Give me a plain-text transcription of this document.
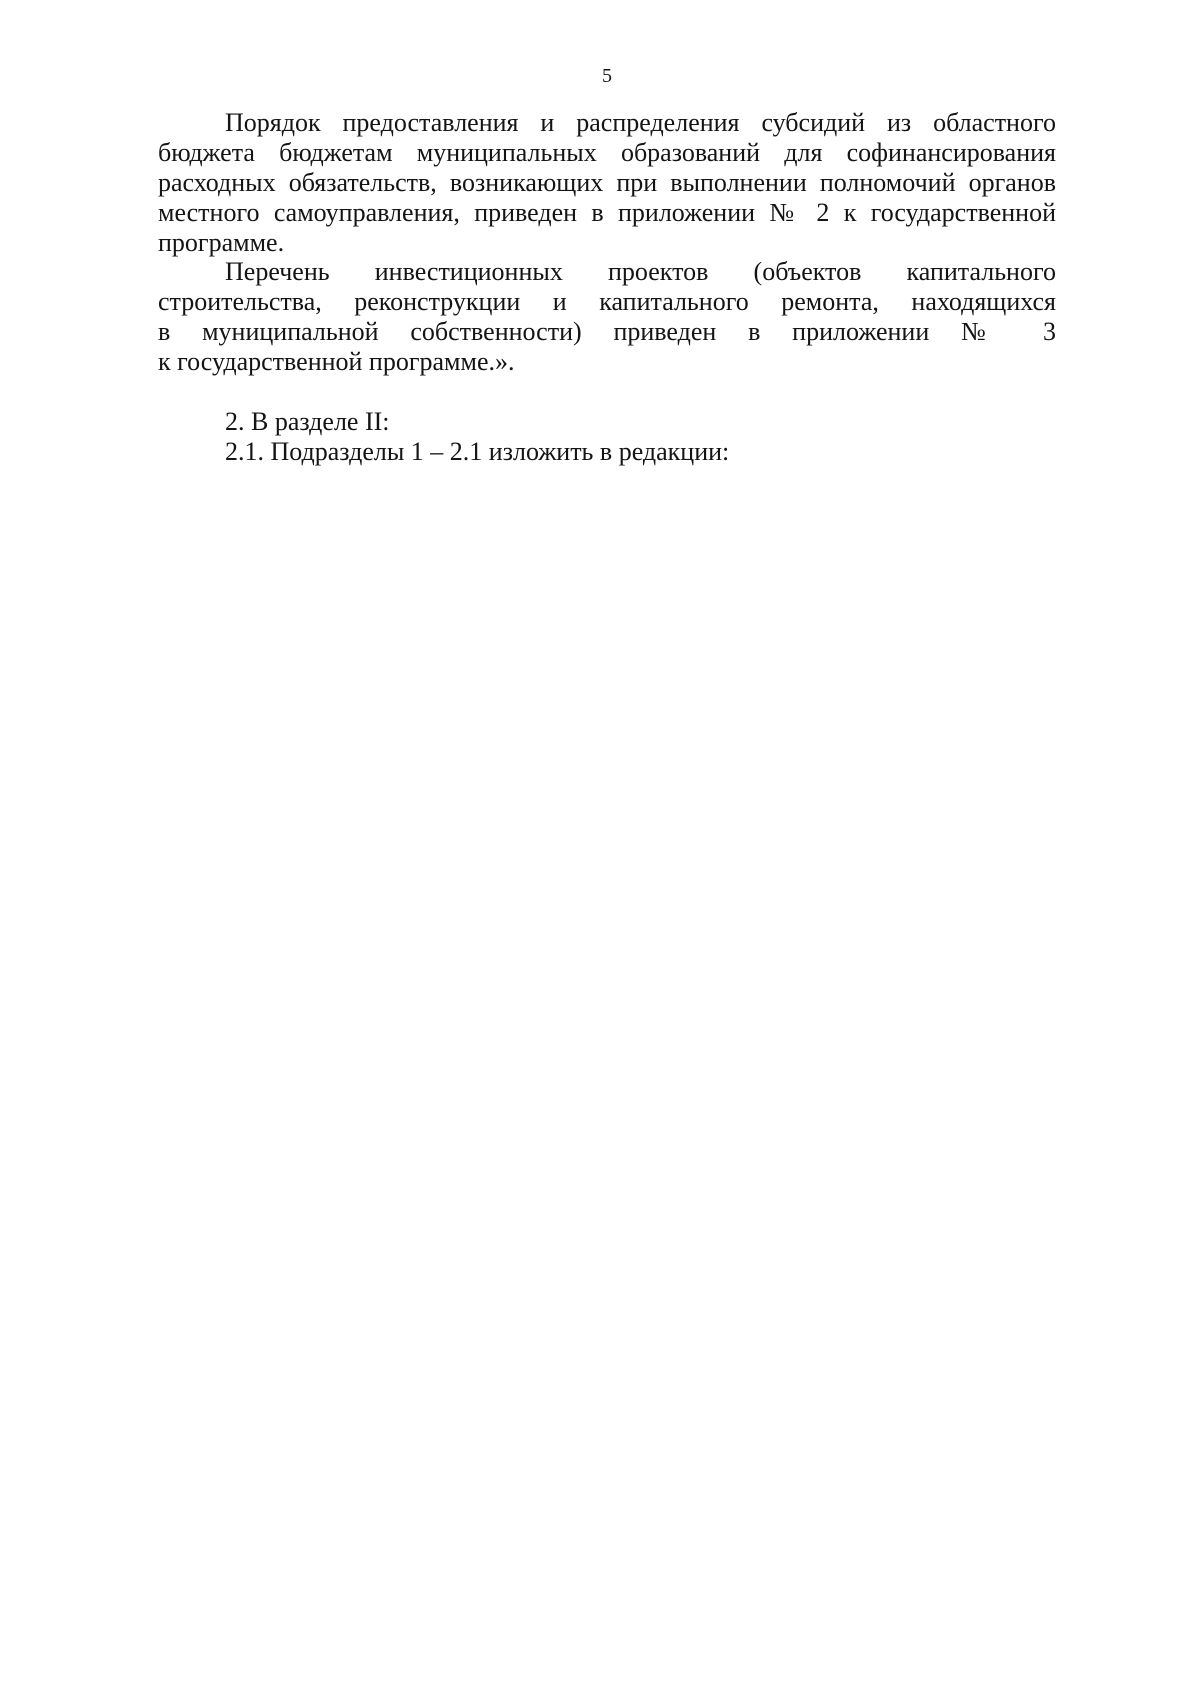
5
Порядок предоставления и распределения субсидий из областного
бюджета бюджетам муниципальных образований для софинансирования
расходных обязательств, возникающих при выполнении полномочий органов
местного самоуправления, приведен в приложении № 2 к государственной
программе.
Перечень инвестиционных проектов (объектов капитального
строительства, реконструкции и капитального ремонта, находящихся
в муниципальной собственности) приведен в приложении № 3
к государственной программе.».
2. В разделе II:
2.1. Подразделы 1 – 2.1 изложить в редакции:
